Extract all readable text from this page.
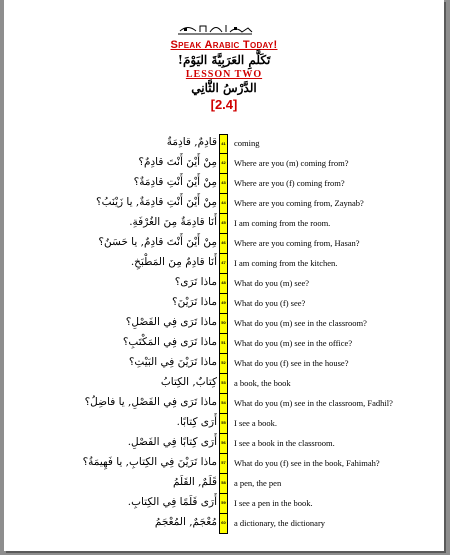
Speak Arabic Today!
تَكَلَّمِ العَرَبِيَّةَ اليَوْمَ!
LESSON TWO
الدَّرْسُ الثَّانِي
[2.4]
قادِمٌ, قادِمَةٌ	41 coming
مِنْ أَيْنَ أَنْتَ قادِمٌ؟	42 Where are you (m) coming from?
مِنْ أَيْنَ أَنْتِ قادِمَةٌ؟	43 Where are you (f) coming from?
مِنْ أَيْنَ أَنْتِ قادِمَةٌ, يا زَيْنَبُ؟	44 Where are you coming from, Zaynab?
أَنَا قادِمَةٌ مِنَ الغُرْفَةِ.	45 I am coming from the room.
مِنْ أَيْنَ أَنْتَ قادِمٌ, يا حَسَنُ؟	46 Where are you coming from, Hasan?
أَنَا قادِمٌ مِنَ المَطْبَخِ.	47 I am coming from the kitchen.
ماذا تَرَى؟	48 What do you (m) see?
ماذا تَرَيْنَ؟	49 What do you (f) see?
ماذا تَرَى فِي الفَصْلِ؟	50 What do you (m) see in the classroom?
ماذا تَرَى فِي المَكْتَبِ؟	51 What do you (m) see in the office?
ماذا تَرَيْنَ فِي البَيْتِ؟	52 What do you (f) see in the house?
كِتابٌ, الكِتابُ	53 a book, the book
ماذا تَرَى فِي الفَصْلِ, يا فاضِلُ؟	54 What do you (m) see in the classroom, Fadhil?
أَرَى كِتابًا.	55 I see a book.
أَرَى كِتابًا فِي الفَصْلِ.	56 I see a book in the classroom.
ماذا تَرَيْنَ فِي الكِتابِ, يا فَهِيمَةُ؟	57 What do you (f) see in the book, Fahimah?
قَلَمٌ, القَلَمُ	58 a pen, the pen
أَرَى قَلَمًا فِي الكِتابِ.	59 I see a pen in the book.
مُعْجَمٌ, المُعْجَمُ	60 a dictionary, the dictionary
